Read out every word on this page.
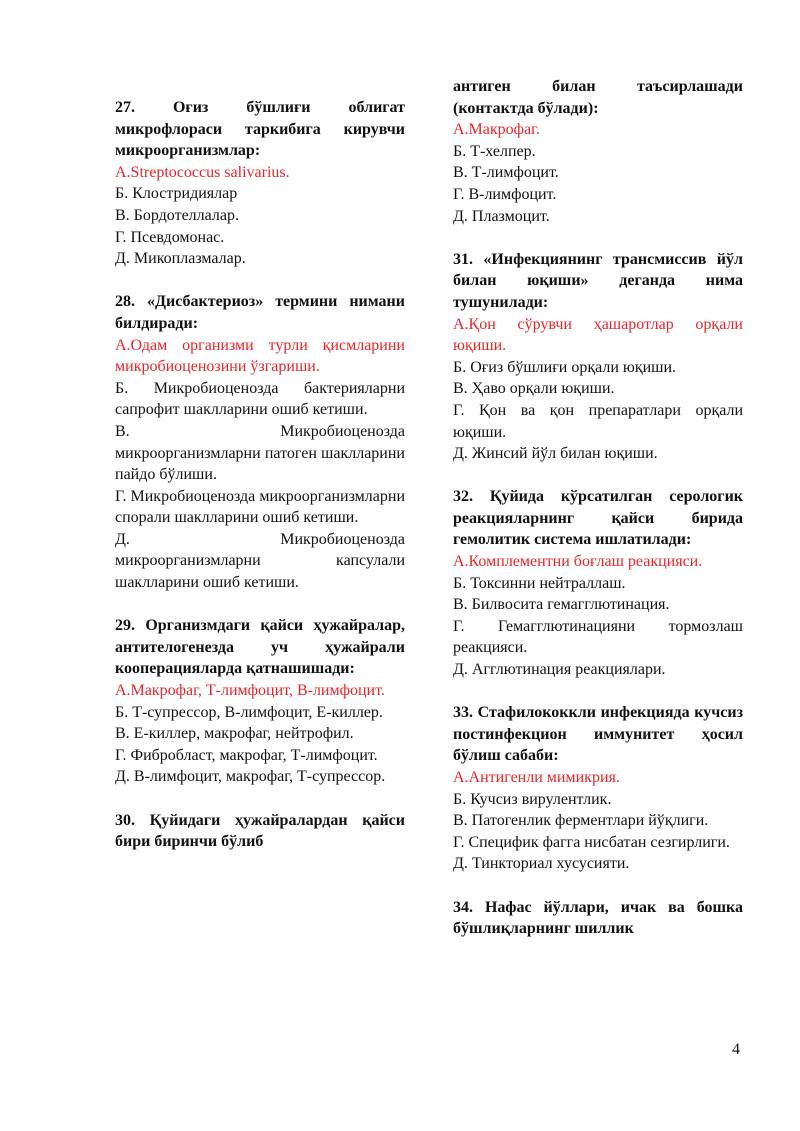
27. Оғиз бўшлиғи облигат микрофлораси таркибига кирувчи микроорганизмлар:
А.Streptococcus salivarius.
Б. Клостридиялар
В. Бордотеллалар.
Г. Псевдомонас.
Д. Микоплазмалар.
28. «Дисбактериоз» термини нимани билдиради:
А.Одам организми турли қисмларини микробиоценозини ўзгариши.
Б. Микробиоценозда бактерияларни сапрофит шаклларини ошиб кетиши.
В. Микробиоценозда микроорганизмларни патоген шаклларини пайдо бўлиши.
Г. Микробиоценозда микроорганизмларни спорали шаклларини ошиб кетиши.
Д. Микробиоценозда микроорганизмларни капсулали шаклларини ошиб кетиши.
29. Организмдаги қайси ҳужайралар, антителогенезда уч ҳужайрали кооперацияларда қатнашишади:
А.Макрофаг, Т-лимфоцит, В-лимфоцит.
Б. Т-супрессор, В-лимфоцит, Е-киллер.
В. Е-киллер, макрофаг, нейтрофил.
Г. Фибробласт, макрофаг, Т-лимфоцит.
Д. В-лимфоцит, макрофаг, Т-супрессор.
30. Қуйидаги ҳужайралардан қайси бири биринчи бўлиб
антиген билан таъсирлашади (контактда бўлади):
А.Макрофаг.
Б. Т-хелпер.
В. Т-лимфоцит.
Г. В-лимфоцит.
Д. Плазмоцит.
31. «Инфекциянинг трансмиссив йўл билан юқиши» деганда нима тушунилади:
А.Қон сўрувчи ҳашаротлар орқали юқиши.
Б. Оғиз бўшлиғи орқали юқиши.
В. Ҳаво орқали юқиши.
Г. Қон ва қон препаратлари орқали юқиши.
Д. Жинсий йўл билан юқиши.
32. Қуйида кўрсатилган серологик реакцияларнинг қайси бирида гемолитик система ишлатилади:
А.Комплементни боғлаш реакцияси.
Б. Токсинни нейтраллаш.
В. Билвосита гемагглютинация.
Г. Гемагглютинацияни тормозлаш реакцияси.
Д. Агглютинация реакциялари.
33. Стафилококкли инфекцияда кучсиз постинфекцион иммунитет ҳосил бўлиш сабаби:
А.Антигенли мимикрия.
Б. Кучсиз вирулентлик.
В. Патогенлик ферментлари йўқлиги.
Г. Специфик фагга нисбатан сезгирлиги.
Д. Тинкториал хусусияти.
34. Нафас йўллари, ичак ва бошка бўшлиқларнинг шиллик
4
